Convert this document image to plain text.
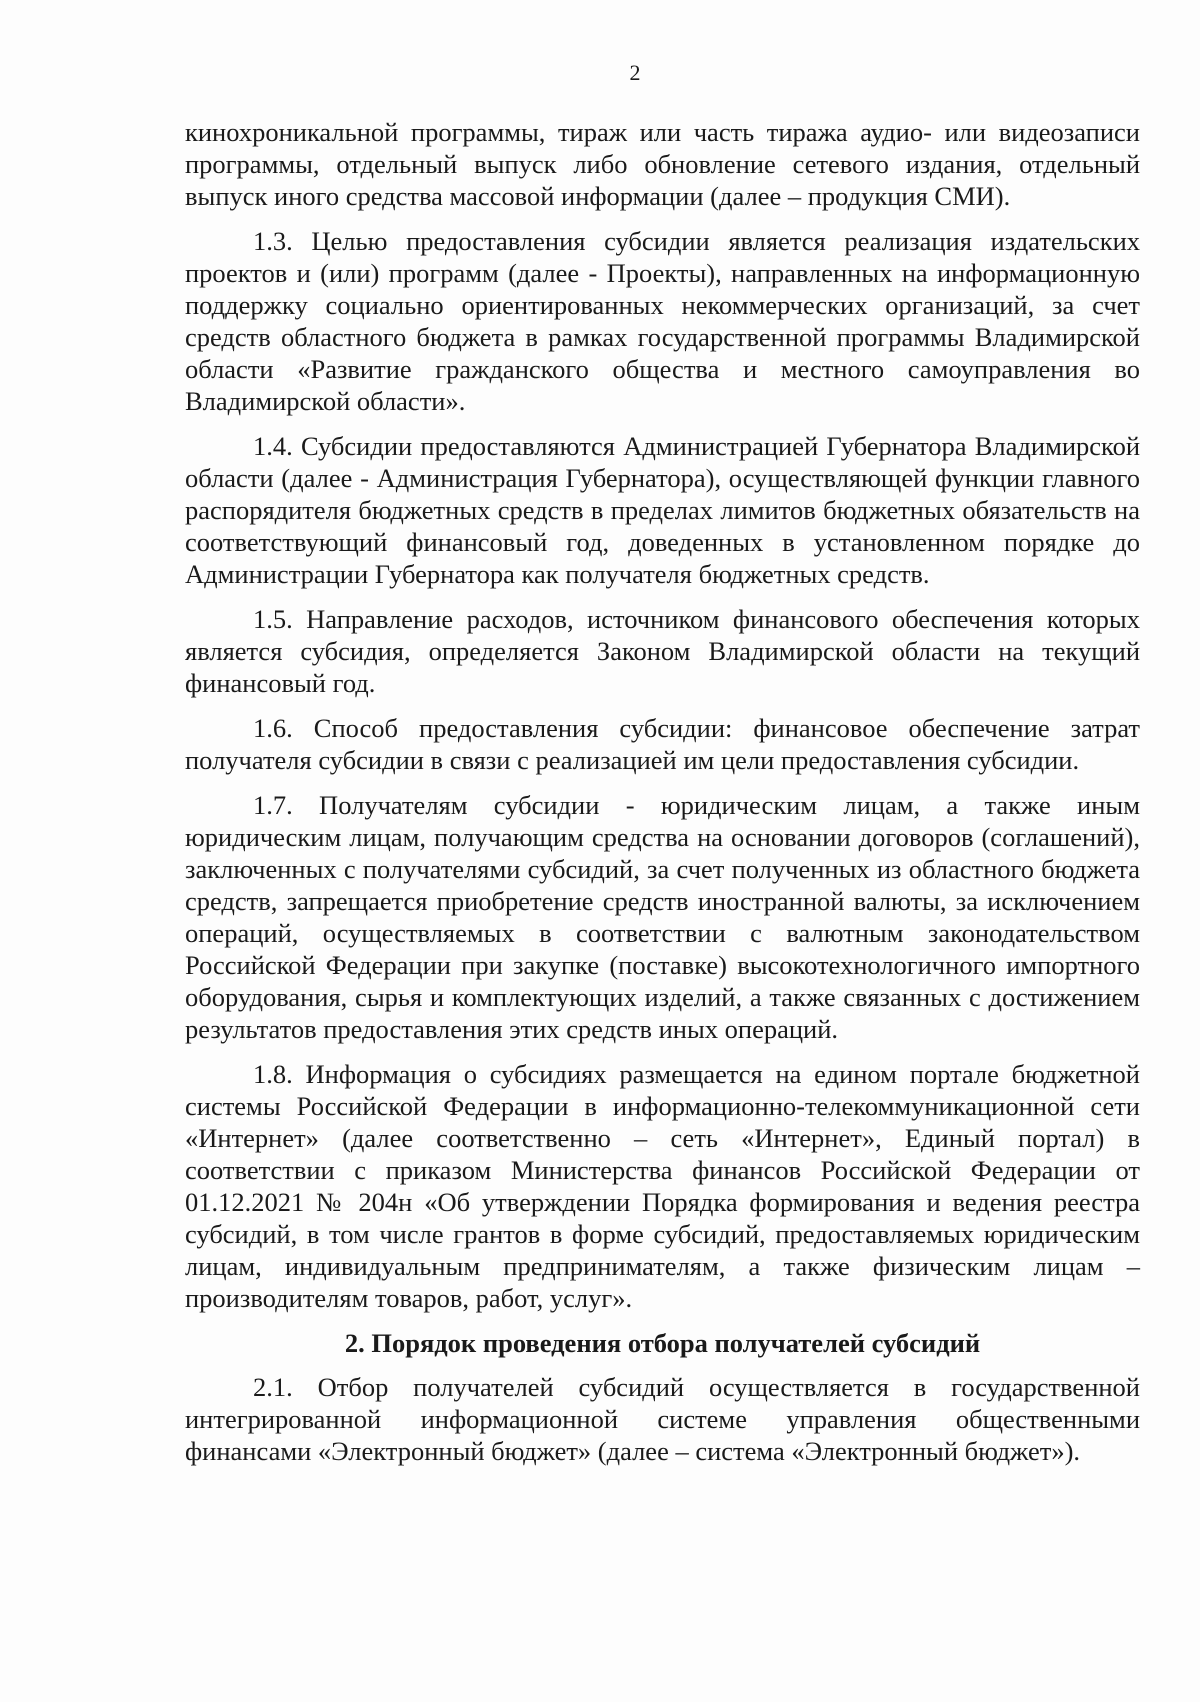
2

кинохроникальной программы, тираж или часть тиража аудио- или видеозаписи программы, отдельный выпуск либо обновление сетевого издания, отдельный выпуск иного средства массовой информации (далее – продукция СМИ).

1.3. Целью предоставления субсидии является реализация издательских проектов и (или) программ (далее - Проекты), направленных на информационную поддержку социально ориентированных некоммерческих организаций, за счет средств областного бюджета в рамках государственной программы Владимирской области «Развитие гражданского общества и местного самоуправления во Владимирской области».

1.4. Субсидии предоставляются Администрацией Губернатора Владимирской области (далее - Администрация Губернатора), осуществляющей функции главного распорядителя бюджетных средств в пределах лимитов бюджетных обязательств на соответствующий финансовый год, доведенных в установленном порядке до Администрации Губернатора как получателя бюджетных средств.

1.5. Направление расходов, источником финансового обеспечения которых является субсидия, определяется Законом Владимирской области на текущий финансовый год.

1.6. Способ предоставления субсидии: финансовое обеспечение затрат получателя субсидии в связи с реализацией им цели предоставления субсидии.

1.7. Получателям субсидии - юридическим лицам, а также иным юридическим лицам, получающим средства на основании договоров (соглашений), заключенных с получателями субсидий, за счет полученных из областного бюджета средств, запрещается приобретение средств иностранной валюты, за исключением операций, осуществляемых в соответствии с валютным законодательством Российской Федерации при закупке (поставке) высокотехнологичного импортного оборудования, сырья и комплектующих изделий, а также связанных с достижением результатов предоставления этих средств иных операций.

1.8. Информация о субсидиях размещается на едином портале бюджетной системы Российской Федерации в информационно-телекоммуникационной сети «Интернет» (далее соответственно – сеть «Интернет», Единый портал) в соответствии с приказом Министерства финансов Российской Федерации от 01.12.2021 № 204н «Об утверждении Порядка формирования и ведения реестра субсидий, в том числе грантов в форме субсидий, предоставляемых юридическим лицам, индивидуальным предпринимателям, а также физическим лицам – производителям товаров, работ, услуг».

2. Порядок проведения отбора получателей субсидий

2.1. Отбор получателей субсидий осуществляется в государственной интегрированной информационной системе управления общественными финансами «Электронный бюджет» (далее – система «Электронный бюджет»).
